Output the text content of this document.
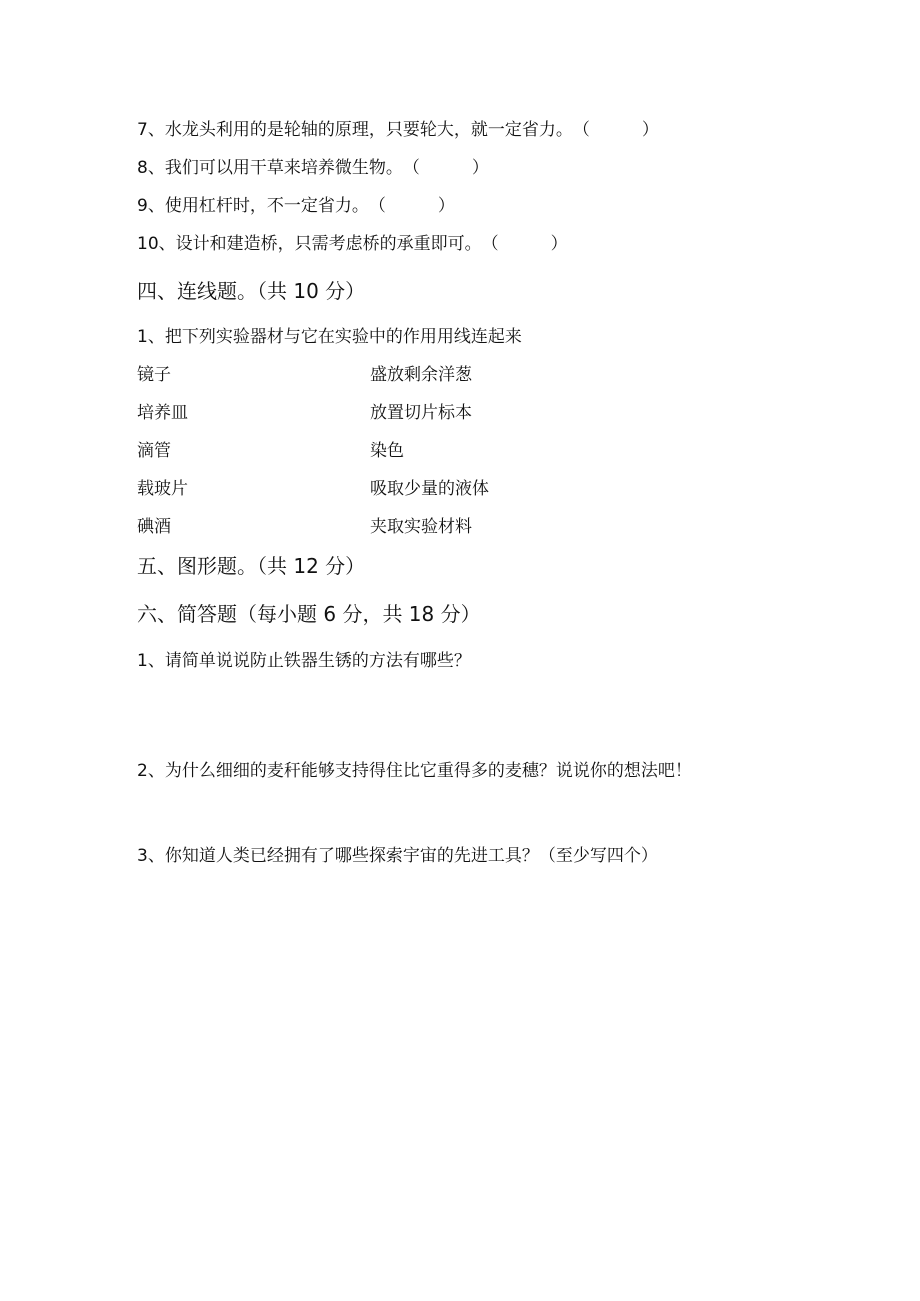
7、水龙头利用的是轮轴的原理，只要轮大，就一定省力。（	）
8、我们可以用干草来培养微生物。（	）
9、使用杠杆时，不一定省力。（	）
10、设计和建造桥，只需考虑桥的承重即可。（	）
四、连线题。（共 10 分）
1、把下列实验器材与它在实验中的作用用线连起来
镜子	盛放剩余洋葱
培养皿	放置切片标本
滴管	染色
载玻片	吸取少量的液体
碘酒	夹取实验材料
五、图形题。（共 12 分）
六、简答题（每小题 6 分，共 18 分）
1、请简单说说防止铁器生锈的方法有哪些？
2、为什么细细的麦秆能够支持得住比它重得多的麦穗？说说你的想法吧！
3、你知道人类已经拥有了哪些探索宇宙的先进工具？（至少写四个）
